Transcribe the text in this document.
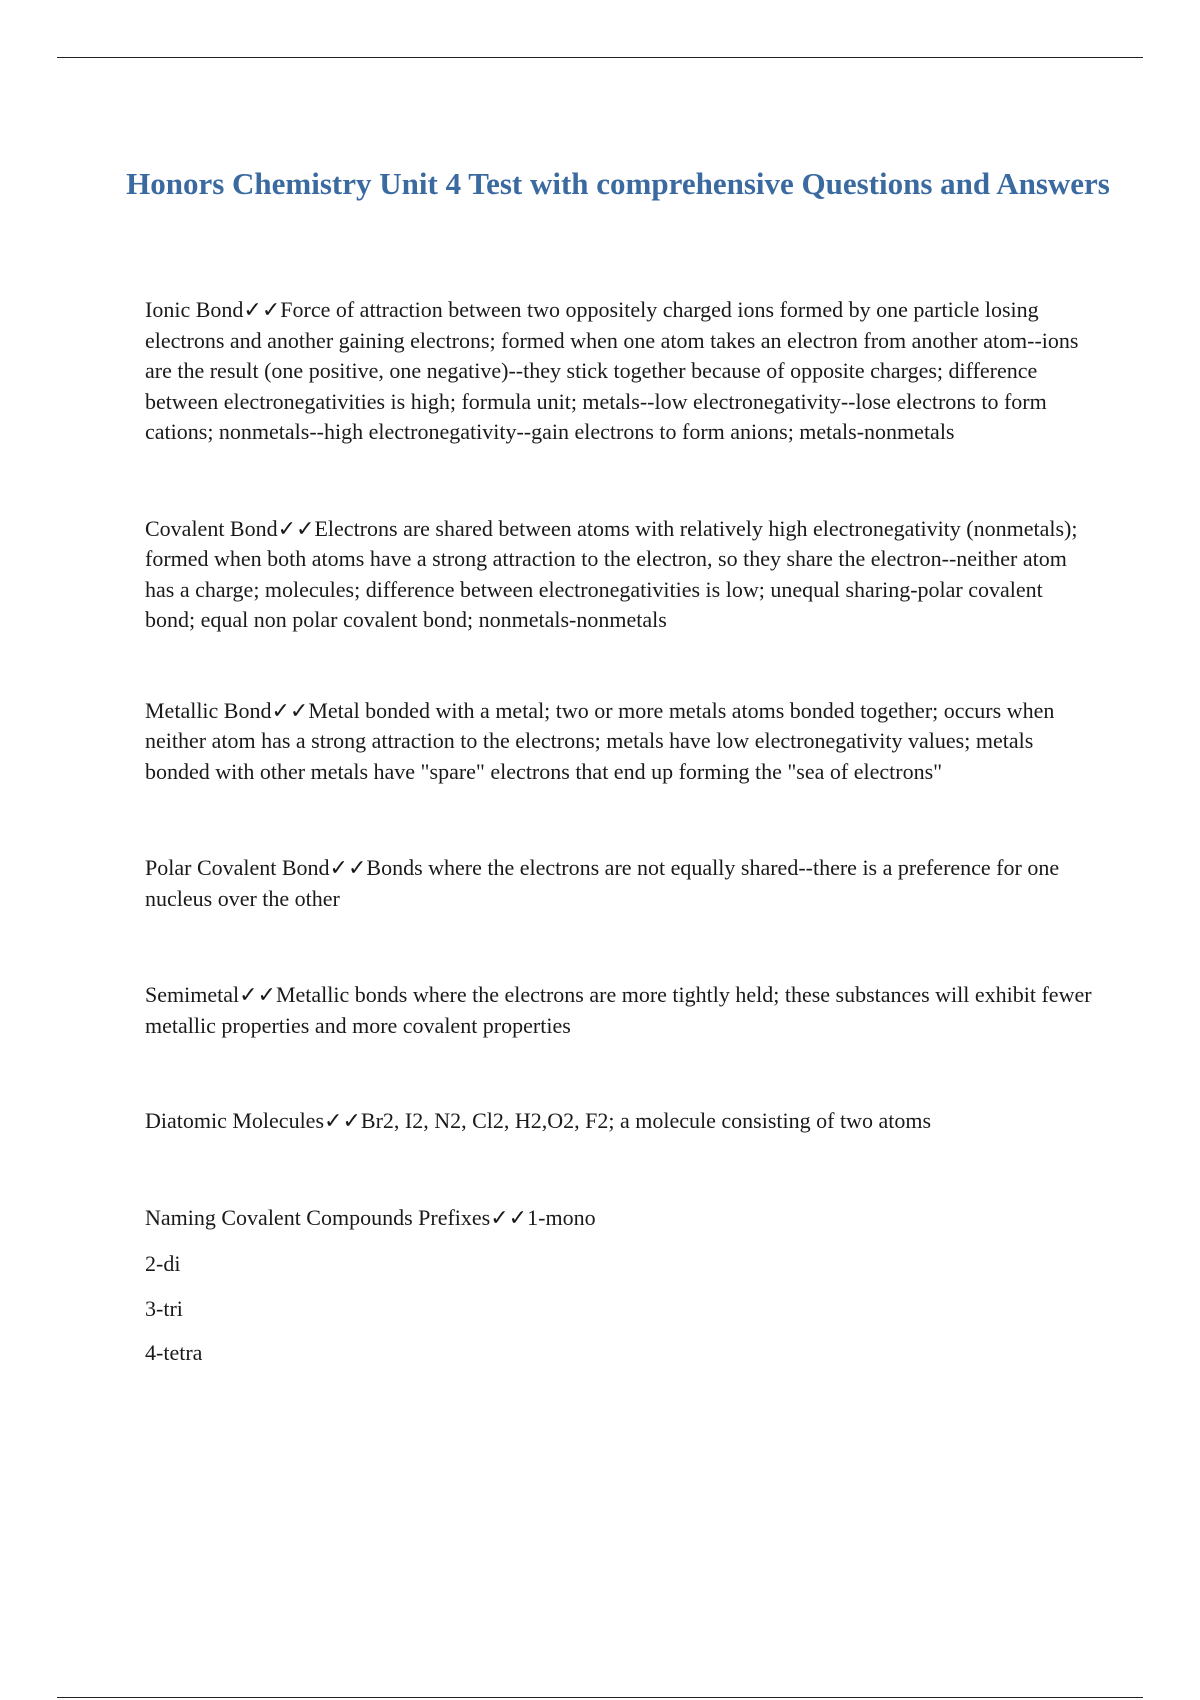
Honors Chemistry Unit 4 Test with comprehensive Questions and Answers

Ionic Bond✓✓Force of attraction between two oppositely charged ions formed by one particle losing electrons and another gaining electrons; formed when one atom takes an electron from another atom--ions are the result (one positive, one negative)--they stick together because of opposite charges; difference between electronegativities is high; formula unit; metals--low electronegativity--lose electrons to form cations; nonmetals--high electronegativity--gain electrons to form anions; metals-nonmetals

Covalent Bond✓✓Electrons are shared between atoms with relatively high electronegativity (nonmetals); formed when both atoms have a strong attraction to the electron, so they share the electron--neither atom has a charge; molecules; difference between electronegativities is low; unequal sharing-polar covalent bond; equal non polar covalent bond; nonmetals-nonmetals

Metallic Bond✓✓Metal bonded with a metal; two or more metals atoms bonded together; occurs when neither atom has a strong attraction to the electrons; metals have low electronegativity values; metals bonded with other metals have "spare" electrons that end up forming the "sea of electrons"

Polar Covalent Bond✓✓Bonds where the electrons are not equally shared--there is a preference for one nucleus over the other

Semimetal✓✓Metallic bonds where the electrons are more tightly held; these substances will exhibit fewer metallic properties and more covalent properties

Diatomic Molecules✓✓Br2, I2, N2, Cl2, H2,O2, F2; a molecule consisting of two atoms

Naming Covalent Compounds Prefixes✓✓1-mono

2-di

3-tri

4-tetra
